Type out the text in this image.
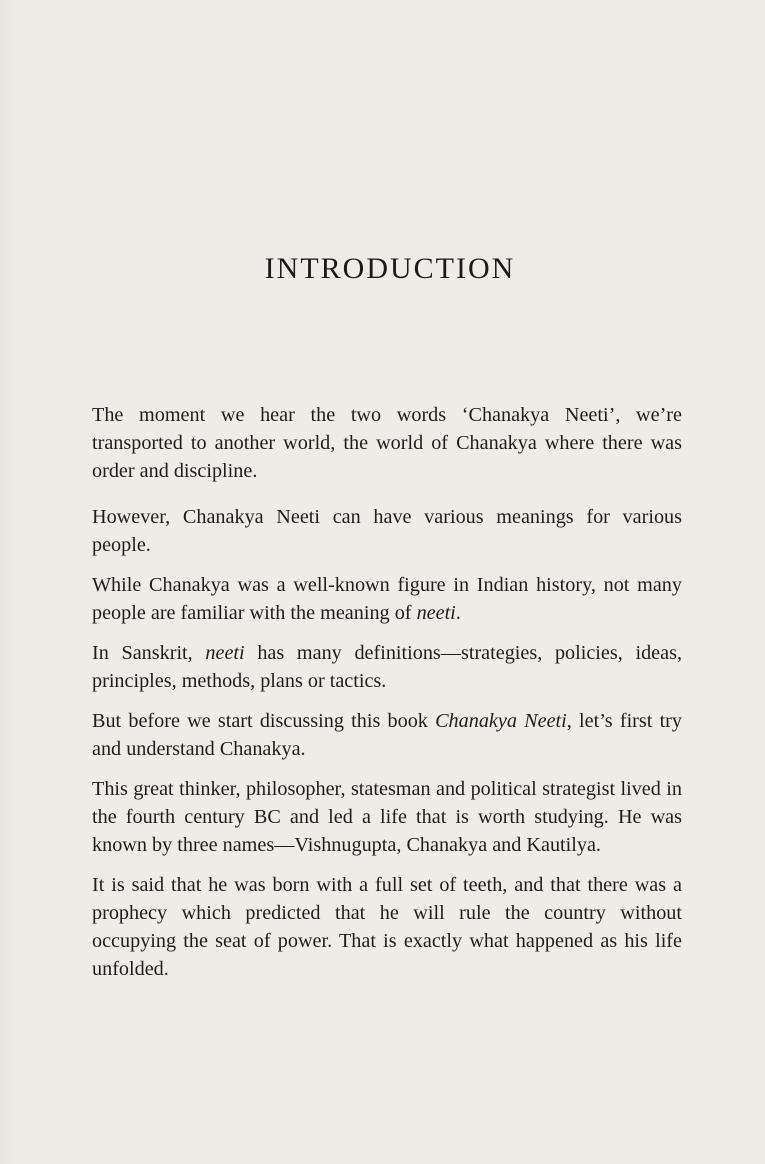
INTRODUCTION

The moment we hear the two words ‘Chanakya Neeti’, we’re transported to another world, the world of Chanakya where there was order and discipline.

However, Chanakya Neeti can have various meanings for various people.

While Chanakya was a well-known figure in Indian history, not many people are familiar with the meaning of neeti.

In Sanskrit, neeti has many definitions—strategies, policies, ideas, principles, methods, plans or tactics.

But before we start discussing this book Chanakya Neeti, let’s first try and understand Chanakya.

This great thinker, philosopher, statesman and political strategist lived in the fourth century BC and led a life that is worth studying. He was known by three names—Vishnugupta, Chanakya and Kautilya.

It is said that he was born with a full set of teeth, and that there was a prophecy which predicted that he will rule the country without occupying the seat of power. That is exactly what happened as his life unfolded.
